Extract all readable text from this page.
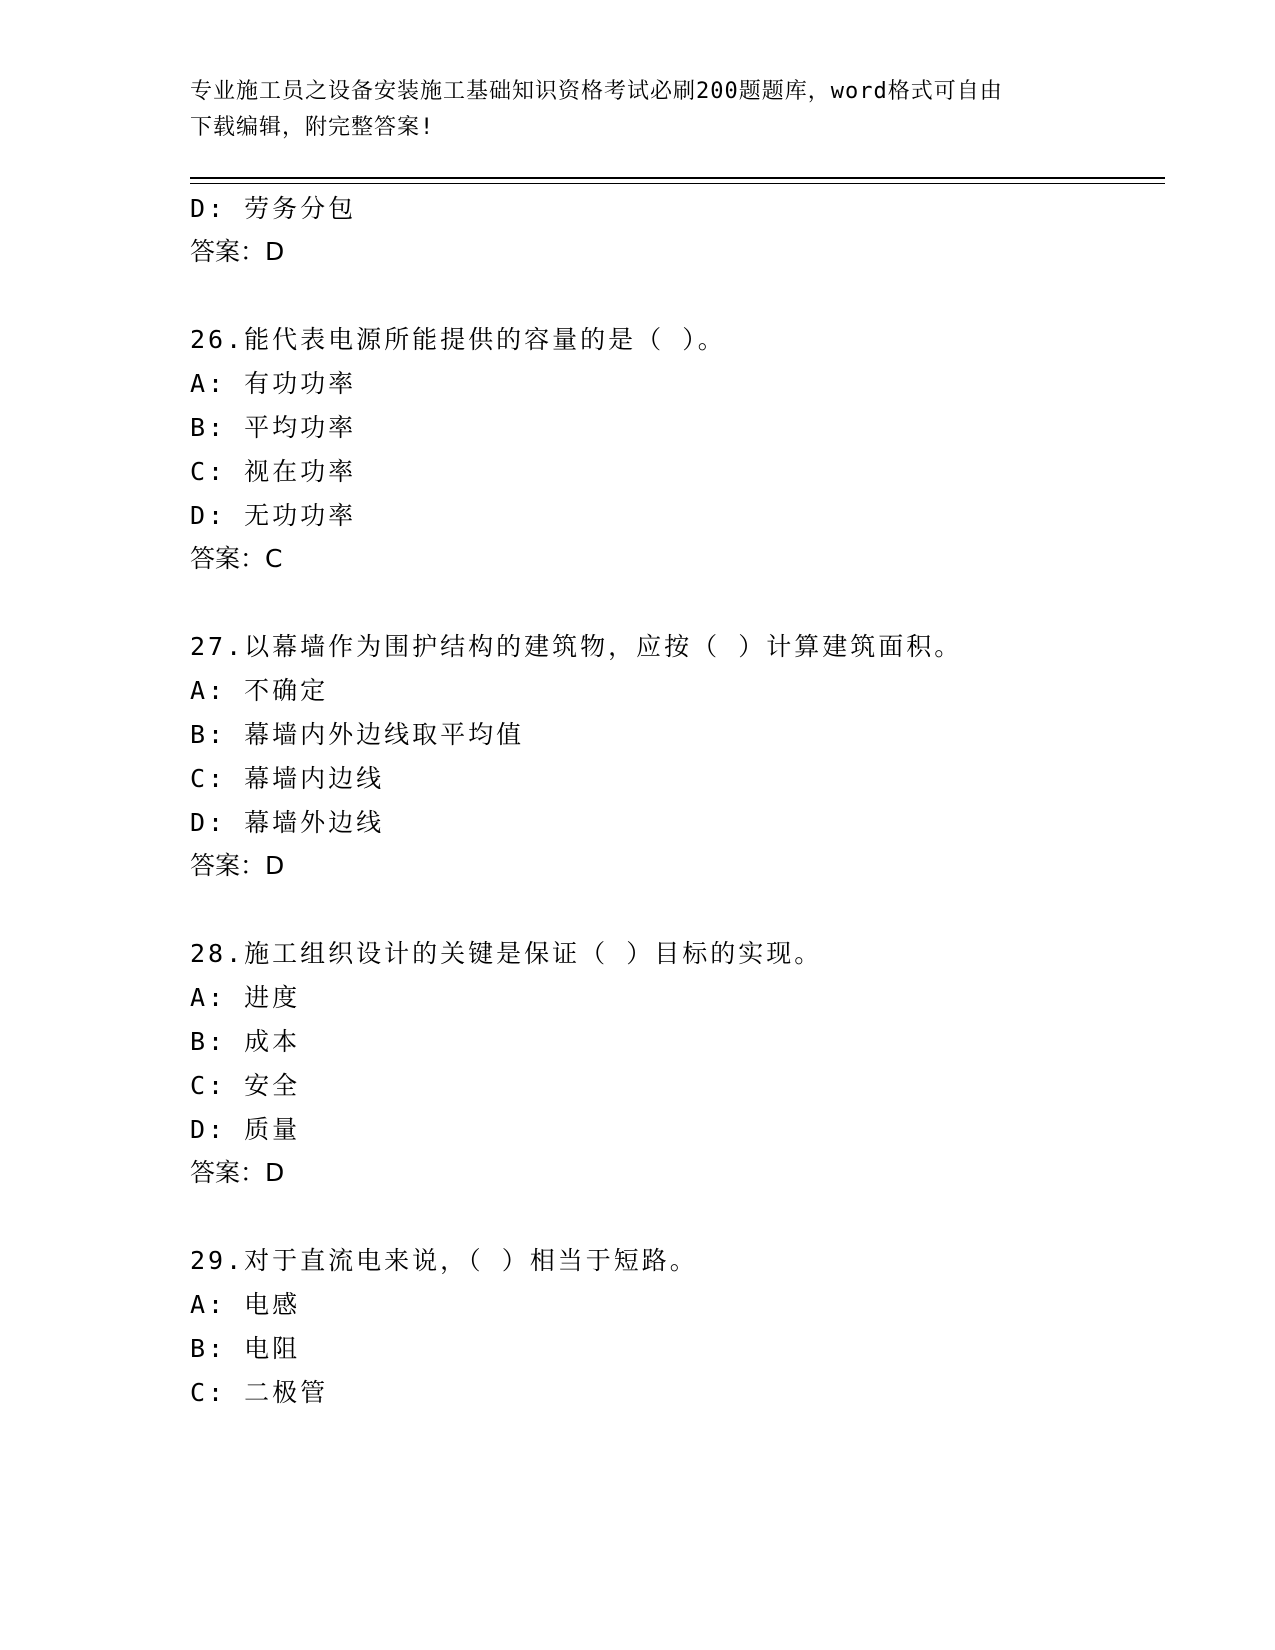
专业施工员之设备安装施工基础知识资格考试必刷200题题库，word格式可自由
下载编辑，附完整答案!
D: 劳务分包
答案：D
26.能代表电源所能提供的容量的是（ ）。
A: 有功功率
B: 平均功率
C: 视在功率
D: 无功功率
答案：C
27.以幕墙作为围护结构的建筑物，应按（ ）计算建筑面积。
A: 不确定
B: 幕墙内外边线取平均值
C: 幕墙内边线
D: 幕墙外边线
答案：D
28.施工组织设计的关键是保证（ ）目标的实现。
A: 进度
B: 成本
C: 安全
D: 质量
答案：D
29.对于直流电来说，（ ）相当于短路。
A: 电感
B: 电阻
C: 二极管
